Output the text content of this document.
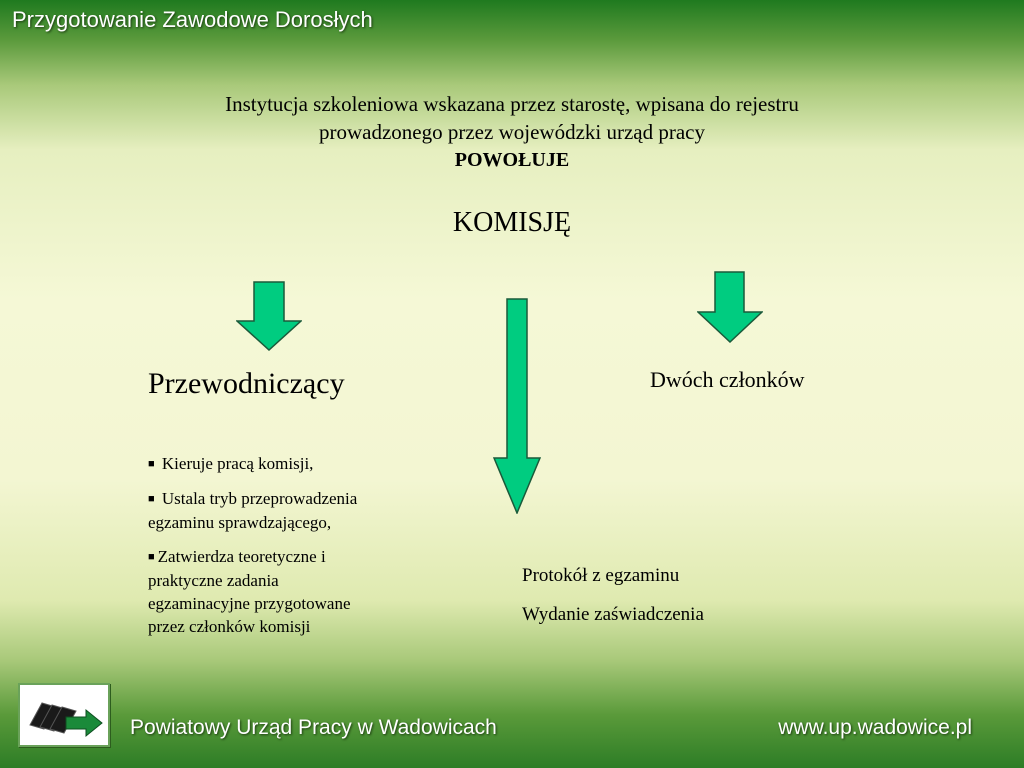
Przygotowanie Zawodowe Dorosłych
Instytucja szkoleniowa wskazana przez starostę, wpisana do rejestru
prowadzonego przez wojewódzki urząd pracy
POWOŁUJE
KOMISJĘ
Przewodniczący	Dwóch członków
■ Kieruje pracą komisji,
■ Ustala tryb przeprowadzenia egzaminu sprawdzającego,
■ Zatwierdza teoretyczne i praktyczne zadania egzaminacyjne przygotowane przez członków komisji
Protokół z egzaminu
Wydanie zaświadczenia
Powiatowy Urząd Pracy w Wadowicach	www.up.wadowice.pl
